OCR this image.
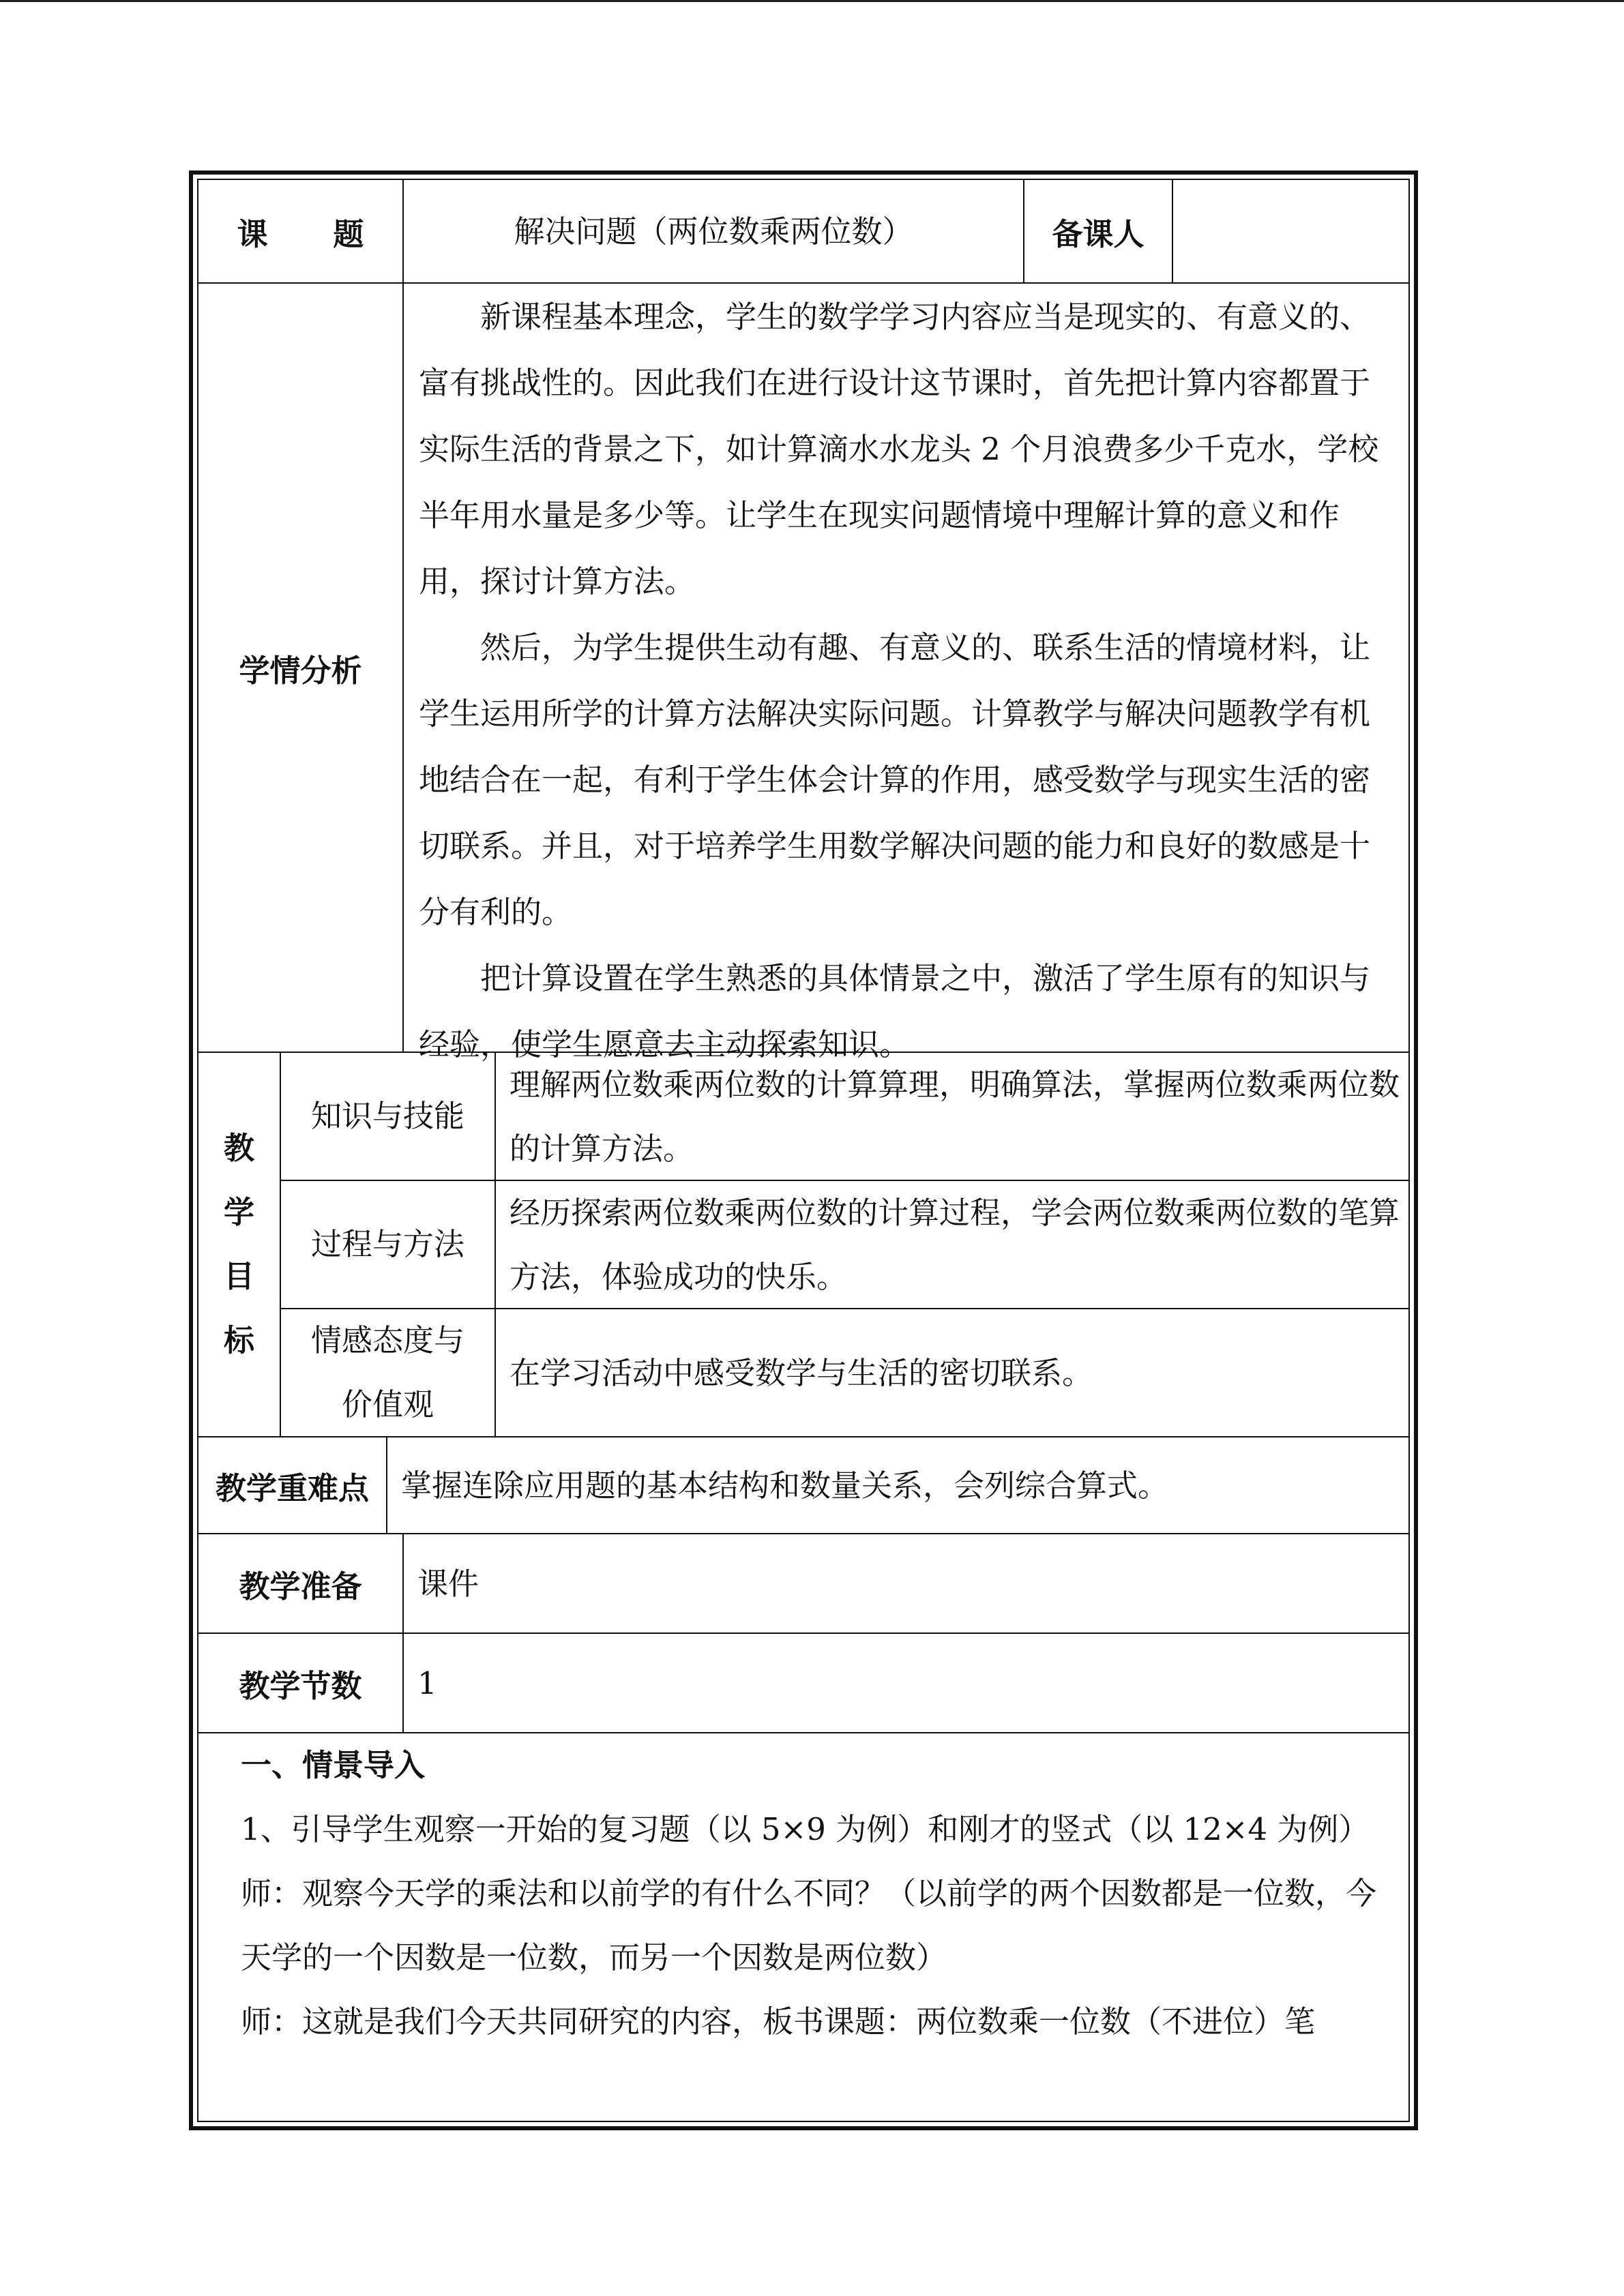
课 题	解决问题（两位数乘两位数）	备课人
学情分析

新课程基本理念，学生的数学学习内容应当是现实的、有意义的、富有挑战性的。因此我们在进行设计这节课时，首先把计算内容都置于实际生活的背景之下，如计算滴水水龙头 2 个月浪费多少千克水，学校半年用水量是多少等。让学生在现实问题情境中理解计算的意义和作用，探讨计算方法。

然后，为学生提供生动有趣、有意义的、联系生活的情境材料，让学生运用所学的计算方法解决实际问题。计算教学与解决问题教学有机地结合在一起，有利于学生体会计算的作用，感受数学与现实生活的密切联系。并且，对于培养学生用数学解决问题的能力和良好的数感是十分有利的。

把计算设置在学生熟悉的具体情景之中，激活了学生原有的知识与经验，使学生愿意去主动探索知识。

教
学
目
标
知识与技能
理解两位数乘两位数的计算算理，明确算法，掌握两位数乘两位数的计算方法。
过程与方法
经历探索两位数乘两位数的计算过程，学会两位数乘两位数的笔算方法，体验成功的快乐。
情感态度与
价值观
在学习活动中感受数学与生活的密切联系。
教学重难点 掌握连除应用题的基本结构和数量关系，会列综合算式。
教学准备 课件
教学节数 1
一、情景导入
1、引导学生观察一开始的复习题（以 5×9 为例）和刚才的竖式（以 12×4 为例）
师：观察今天学的乘法和以前学的有什么不同？（以前学的两个因数都是一位数，今天学的一个因数是一位数，而另一个因数是两位数）
师：这就是我们今天共同研究的内容，板书课题：两位数乘一位数（不进位）笔
